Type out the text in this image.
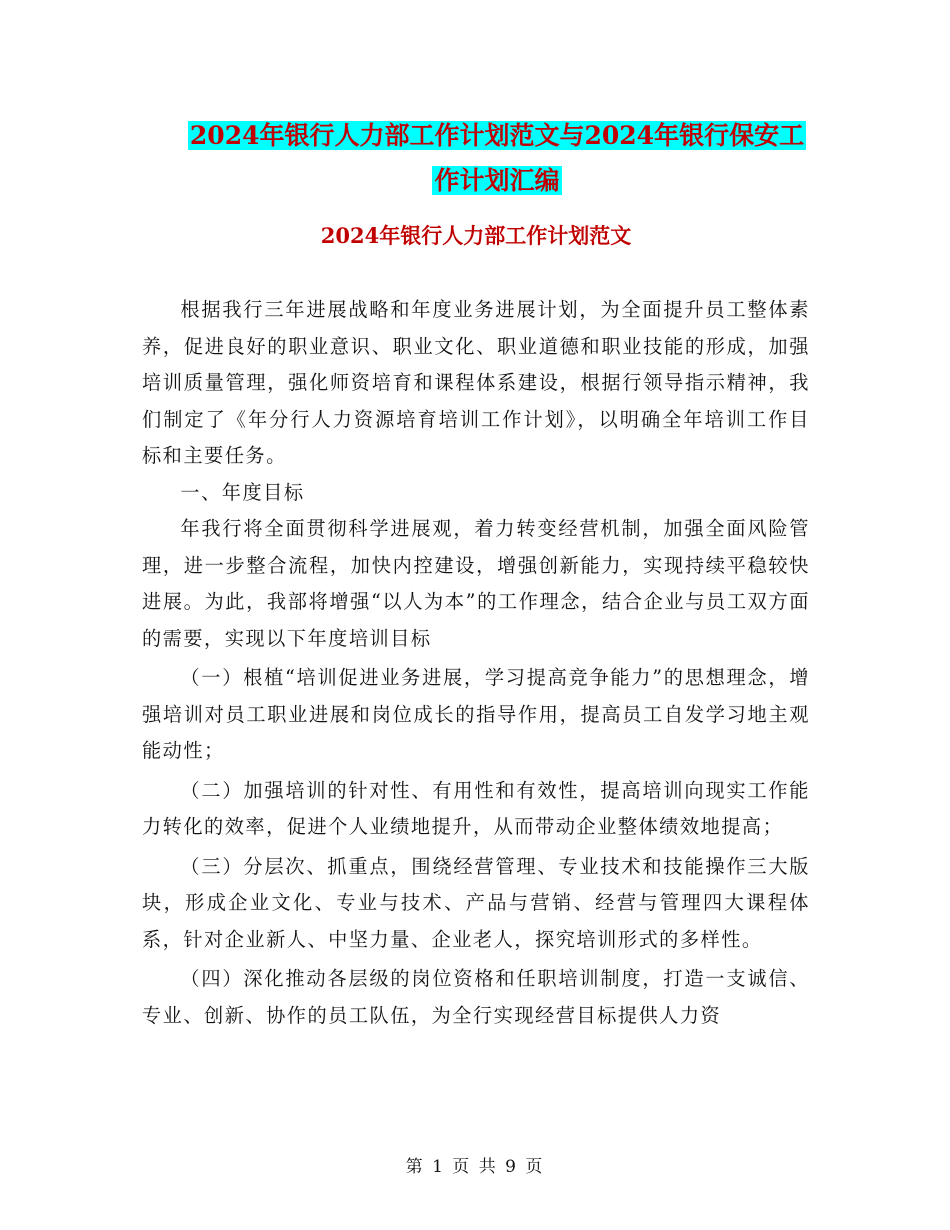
2024年银行人力部工作计划范文与2024年银行保安工
作计划汇编
2024年银行人力部工作计划范文

根据我行三年进展战略和年度业务进展计划，为全面提升员工整体素养，促进良好的职业意识、职业文化、职业道德和职业技能的形成，加强培训质量管理，强化师资培育和课程体系建设，根据行领导指示精神，我们制定了《年分行人力资源培育培训工作计划》，以明确全年培训工作目标和主要任务。

一、年度目标

年我行将全面贯彻科学进展观，着力转变经营机制，加强全面风险管理，进一步整合流程，加快内控建设，增强创新能力，实现持续平稳较快进展。为此，我部将增强“以人为本”的工作理念，结合企业与员工双方面的需要，实现以下年度培训目标

（一）根植“培训促进业务进展，学习提高竞争能力”的思想理念，增强培训对员工职业进展和岗位成长的指导作用，提高员工自发学习地主观能动性；

（二）加强培训的针对性、有用性和有效性，提高培训向现实工作能力转化的效率，促进个人业绩地提升，从而带动企业整体绩效地提高；

（三）分层次、抓重点，围绕经营管理、专业技术和技能操作三大版块，形成企业文化、专业与技术、产品与营销、经营与管理四大课程体系，针对企业新人、中坚力量、企业老人，探究培训形式的多样性。

（四）深化推动各层级的岗位资格和任职培训制度，打造一支诚信、专业、创新、协作的员工队伍，为全行实现经营目标提供人力资

第 1 页 共 9 页
